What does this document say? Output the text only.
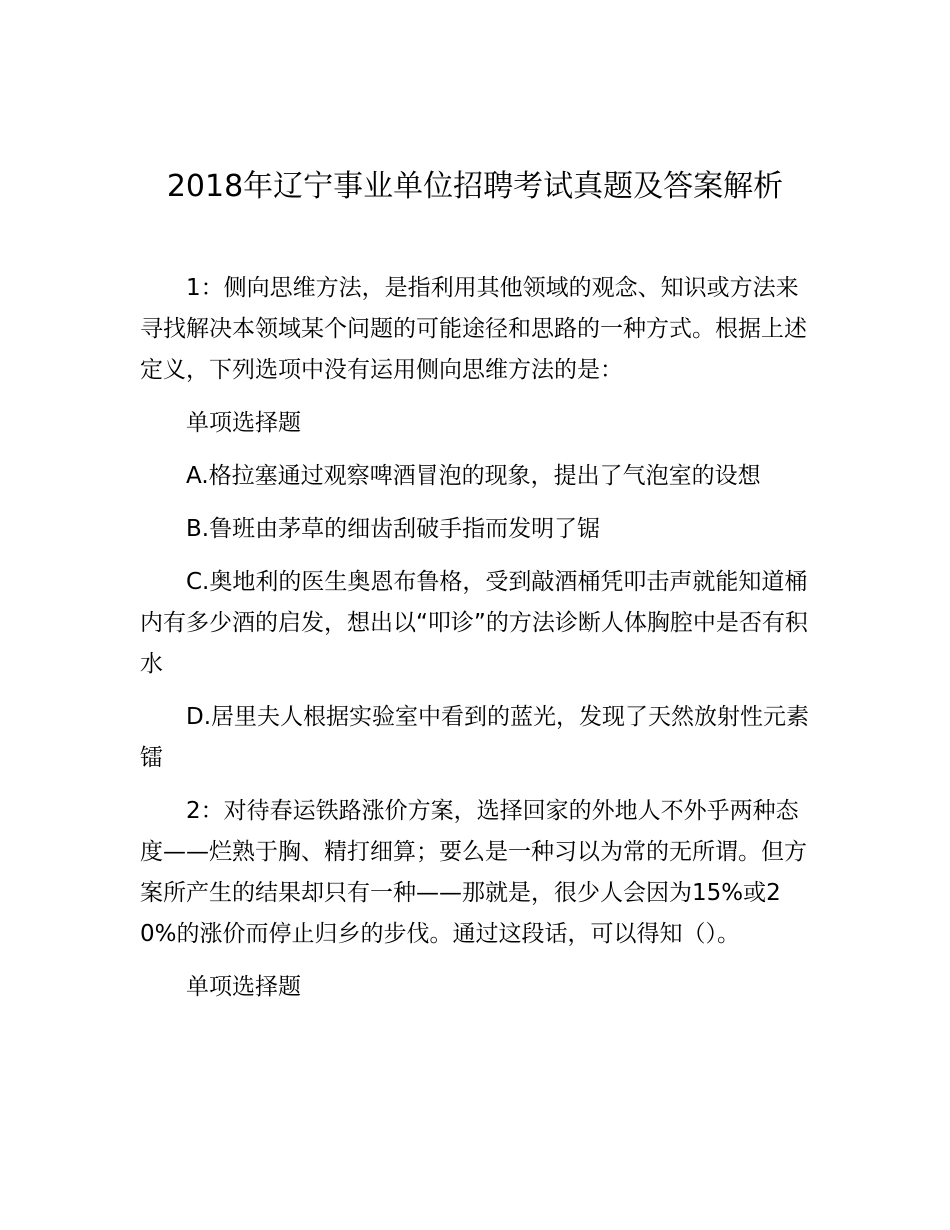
2018年辽宁事业单位招聘考试真题及答案解析

1：侧向思维方法，是指利用其他领域的观念、知识或方法来寻找解决本领域某个问题的可能途径和思路的一种方式。根据上述定义，下列选项中没有运用侧向思维方法的是：

单项选择题

A.格拉塞通过观察啤酒冒泡的现象，提出了气泡室的设想

B.鲁班由茅草的细齿刮破手指而发明了锯

C.奥地利的医生奥恩布鲁格，受到敲酒桶凭叩击声就能知道桶内有多少酒的启发，想出以“叩诊”的方法诊断人体胸腔中是否有积水

D.居里夫人根据实验室中看到的蓝光，发现了天然放射性元素镭

2：对待春运铁路涨价方案，选择回家的外地人不外乎两种态度——烂熟于胸、精打细算；要么是一种习以为常的无所谓。但方案所产生的结果却只有一种——那就是，很少人会因为15%或20%的涨价而停止归乡的步伐。通过这段话，可以得知（）。

单项选择题
